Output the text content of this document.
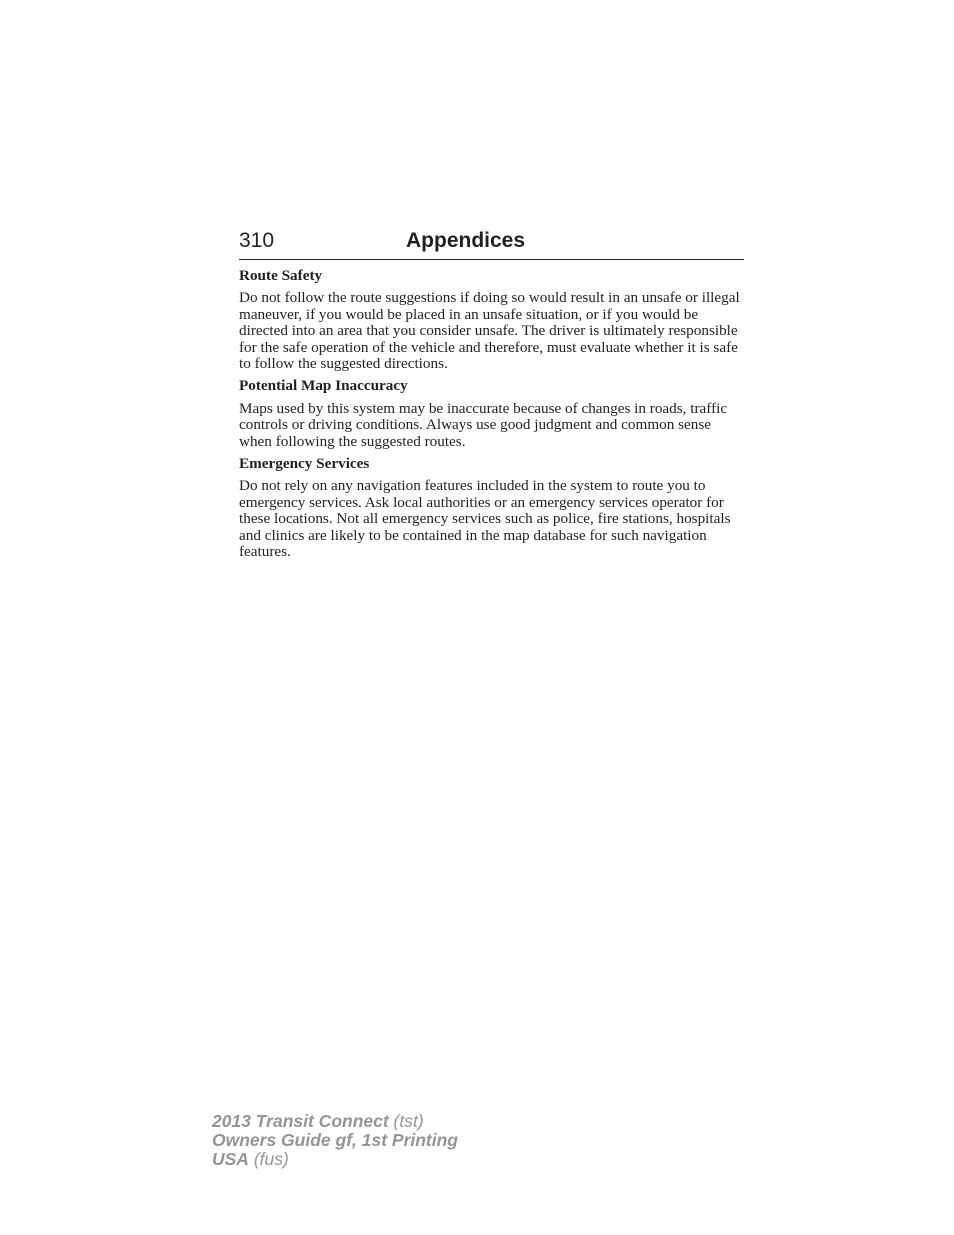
310	Appendices

Route Safety

Do not follow the route suggestions if doing so would result in an unsafe or illegal maneuver, if you would be placed in an unsafe situation, or if you would be directed into an area that you consider unsafe. The driver is ultimately responsible for the safe operation of the vehicle and therefore, must evaluate whether it is safe to follow the suggested directions.

Potential Map Inaccuracy

Maps used by this system may be inaccurate because of changes in roads, traffic controls or driving conditions. Always use good judgment and common sense when following the suggested routes.

Emergency Services

Do not rely on any navigation features included in the system to route you to emergency services. Ask local authorities or an emergency services operator for these locations. Not all emergency services such as police, fire stations, hospitals and clinics are likely to be contained in the map database for such navigation features.

2013 Transit Connect (tst)
Owners Guide gf, 1st Printing
USA (fus)
